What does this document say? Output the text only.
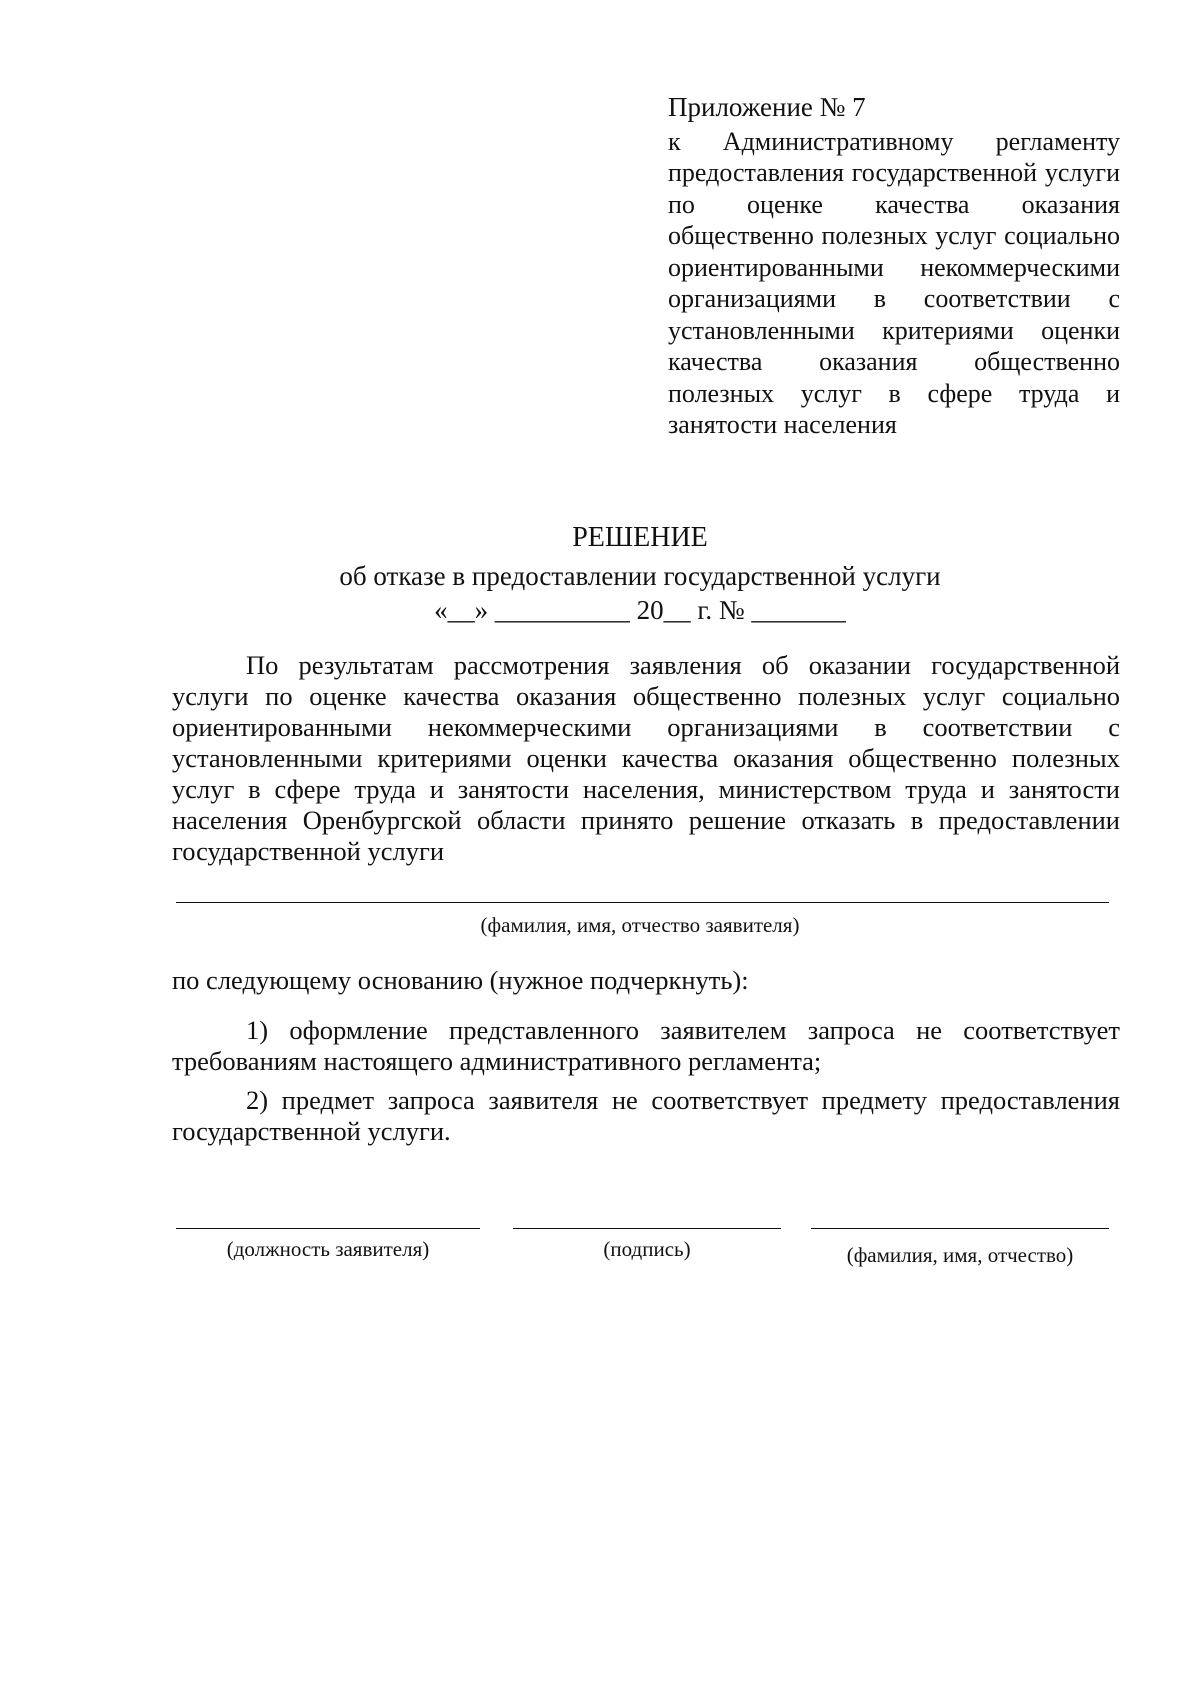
Приложение № 7
к Административному регламенту предоставления государственной услуги по оценке качества оказания общественно полезных услуг социально ориентированными некоммерческими организациями в соответствии с установленными критериями оценки качества оказания общественно полезных услуг в сфере труда и занятости населения
РЕШЕНИЕ
об отказе в предоставлении государственной услуги
«__» __________ 20__ г. № _______
По результатам рассмотрения заявления об оказании государственной услуги по оценке качества оказания общественно полезных услуг социально ориентированными некоммерческими организациями в соответствии с установленными критериями оценки качества оказания общественно полезных услуг в сфере труда и занятости населения, министерством труда и занятости населения Оренбургской области принято решение отказать в предоставлении государственной услуги
(фамилия, имя, отчество заявителя)
по следующему основанию (нужное подчеркнуть):
1) оформление представленного заявителем запроса не соответствует требованиям настоящего административного регламента;
2) предмет запроса заявителя не соответствует предмету предоставления государственной услуги.
(должность заявителя)	(подпись)	(фамилия, имя, отчество)
